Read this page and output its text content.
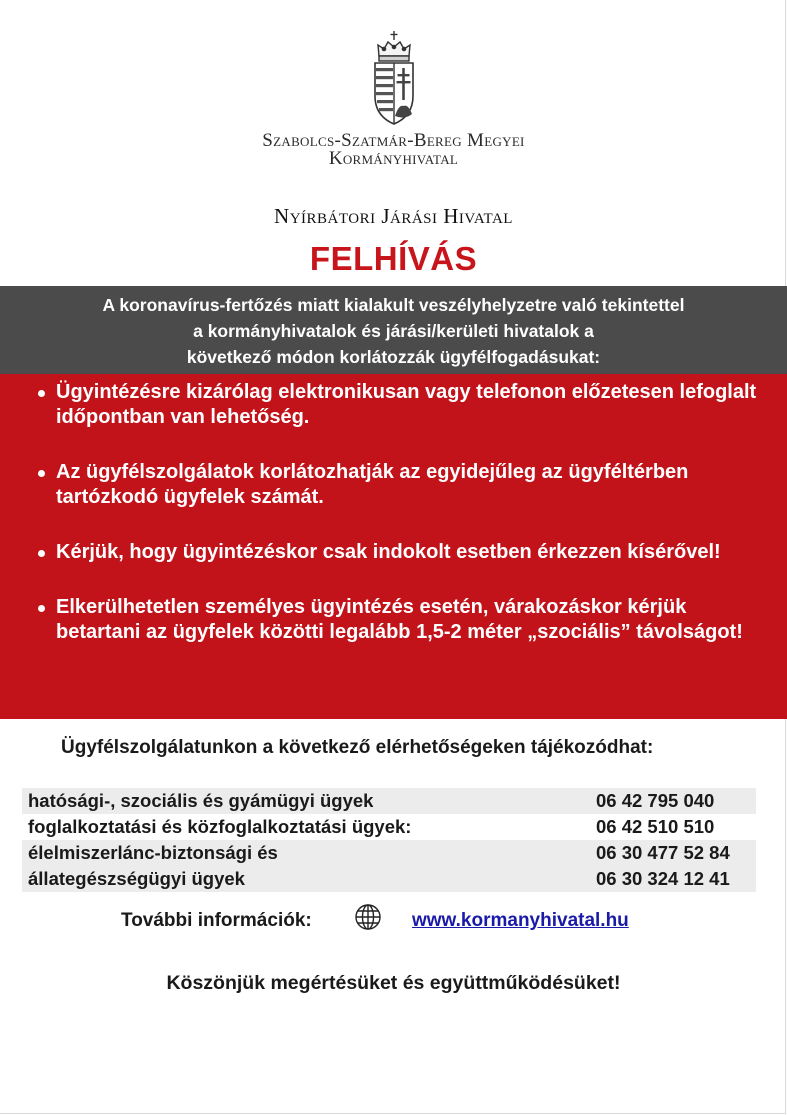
Szabolcs-Szatmár-Bereg Megyei
Kormányhivatal
Nyírbátori Járási Hivatal
FELHÍVÁS
A koronavírus-fertőzés miatt kialakult veszélyhelyzetre való tekintettel
a kormányhivatalok és járási/kerületi hivatalok a
következő módon korlátozzák ügyfélfogadásukat:
Ügyintézésre kizárólag elektronikusan vagy telefonon előzetesen lefoglalt időpontban van lehetőség.
Az ügyfélszolgálatok korlátozhatják az egyidejűleg az ügyféltérben tartózkodó ügyfelek számát.
Kérjük, hogy ügyintézéskor csak indokolt esetben érkezzen kísérővel!
Elkerülhetetlen személyes ügyintézés esetén, várakozáskor kérjük betartani az ügyfelek közötti legalább 1,5-2 méter „szociális” távolságot!
Ügyfélszolgálatunkon a következő elérhetőségeken tájékozódhat:
hatósági-, szociális és gyámügyi ügyek	06 42 795 040
foglalkoztatási és közfoglalkoztatási ügyek:	06 42 510 510
élelmiszerlánc-biztonsági és	06 30 477 52 84
állategészségügyi ügyek	06 30 324 12 41
További információk:	www.kormanyhivatal.hu
Köszönjük megértésüket és együttműködésüket!
